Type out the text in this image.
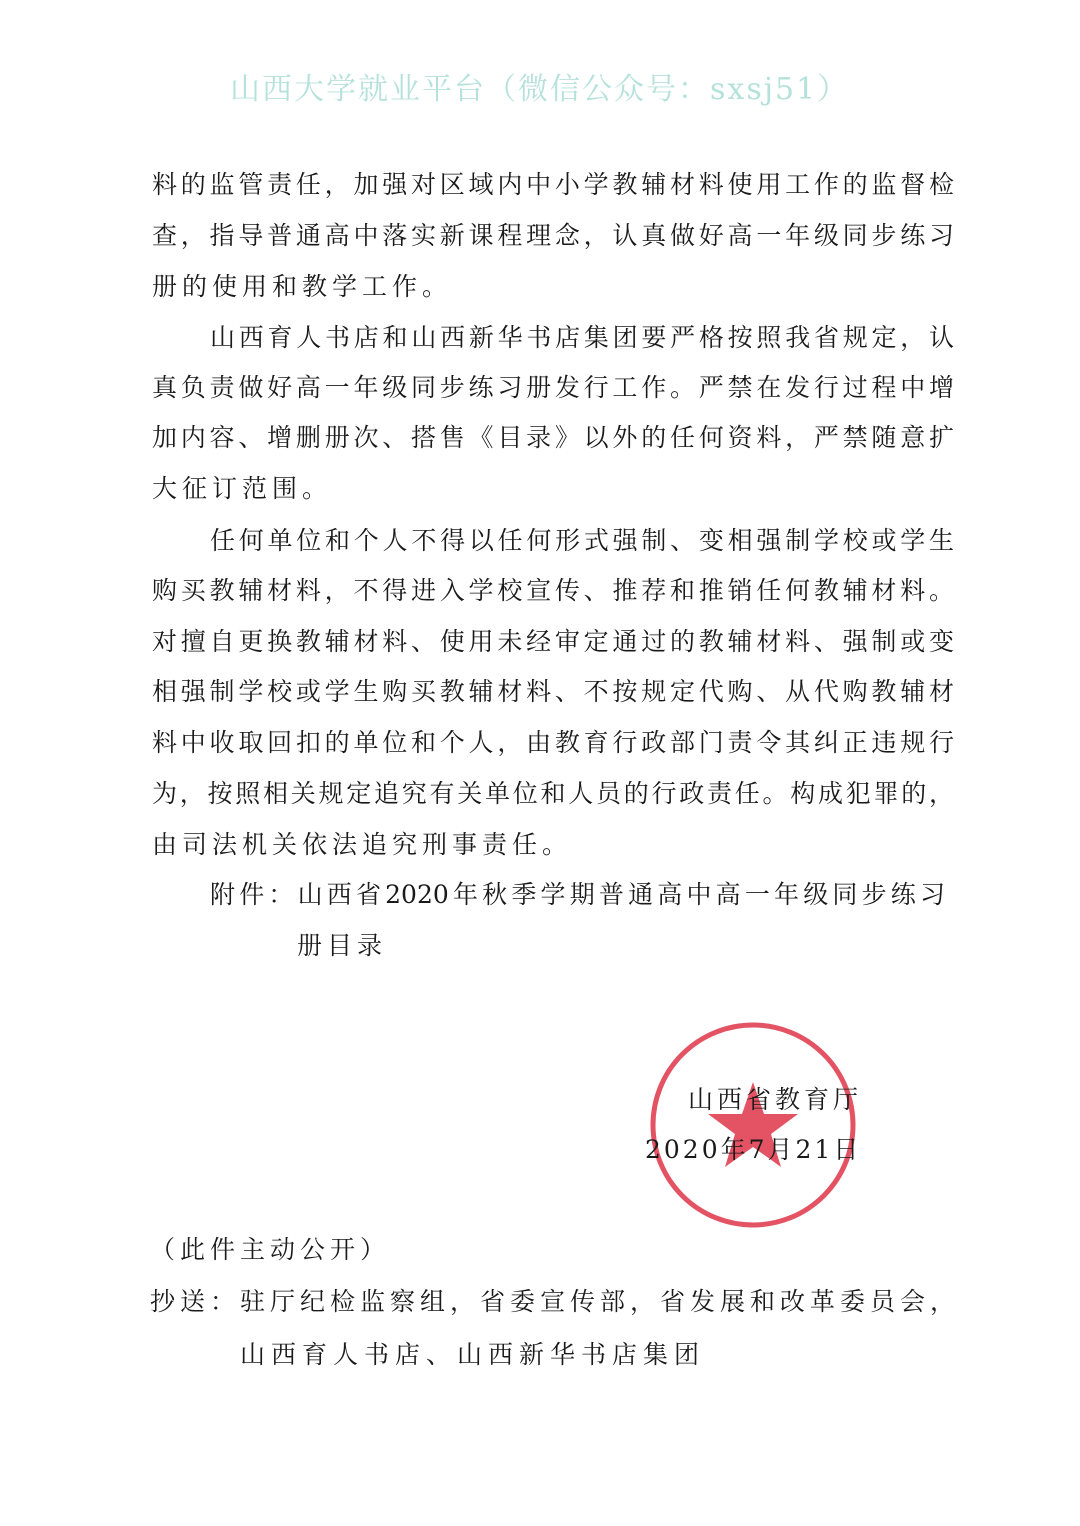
山西大学就业平台（微信公众号：sxsj51）
料的监管责任，加强对区域内中小学教辅材料使用工作的监督检
查，指导普通高中落实新课程理念，认真做好高一年级同步练习
册的使用和教学工作。
山西育人书店和山西新华书店集团要严格按照我省规定，认
真负责做好高一年级同步练习册发行工作。严禁在发行过程中增
加内容、增删册次、搭售《目录》以外的任何资料，严禁随意扩
大征订范围。
任何单位和个人不得以任何形式强制、变相强制学校或学生
购买教辅材料，不得进入学校宣传、推荐和推销任何教辅材料。
对擅自更换教辅材料、使用未经审定通过的教辅材料、强制或变
相强制学校或学生购买教辅材料、不按规定代购、从代购教辅材
料中收取回扣的单位和个人，由教育行政部门责令其纠正违规行
为，按照相关规定追究有关单位和人员的行政责任。构成犯罪的，
由司法机关依法追究刑事责任。
附件：山西省2020年秋季学期普通高中高一年级同步练习
册目录
山西省教育厅
2020年7月21日
（此件主动公开）
抄送：驻厅纪检监察组，省委宣传部，省发展和改革委员会，
山西育人书店、山西新华书店集团
